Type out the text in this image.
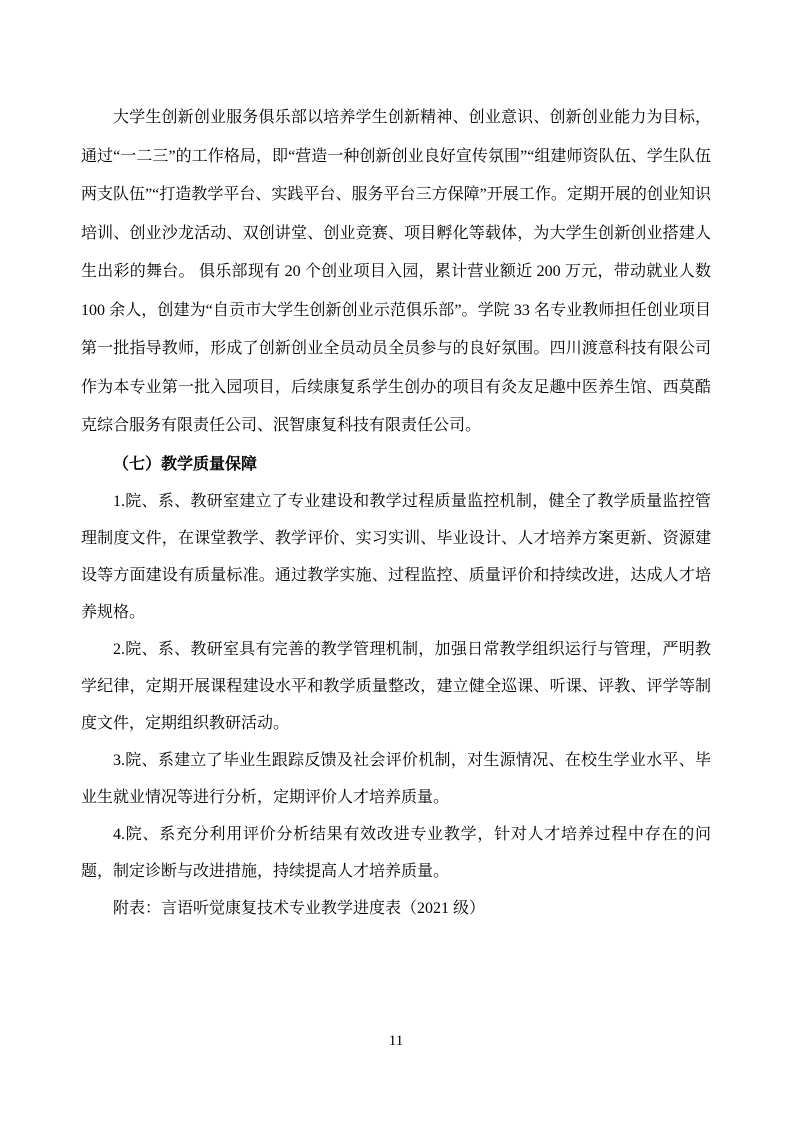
大学生创新创业服务俱乐部以培养学生创新精神、创业意识、创新创业能力为目标，通过“一二三”的工作格局，即“营造一种创新创业良好宣传氛围”“组建师资队伍、学生队伍两支队伍”“打造教学平台、实践平台、服务平台三方保障”开展工作。定期开展的创业知识培训、创业沙龙活动、双创讲堂、创业竞赛、项目孵化等载体，为大学生创新创业搭建人生出彩的舞台。 俱乐部现有 20 个创业项目入园，累计营业额近 200 万元，带动就业人数 100 余人，创建为“自贡市大学生创新创业示范俱乐部”。学院 33 名专业教师担任创业项目第一批指导教师，形成了创新创业全员动员全员参与的良好氛围。四川渡意科技有限公司作为本专业第一批入园项目，后续康复系学生创办的项目有灸友足趣中医养生馆、西莫酷克综合服务有限责任公司、泯智康复科技有限责任公司。

（七）教学质量保障

1.院、系、教研室建立了专业建设和教学过程质量监控机制，健全了教学质量监控管理制度文件，在课堂教学、教学评价、实习实训、毕业设计、人才培养方案更新、资源建设等方面建设有质量标准。通过教学实施、过程监控、质量评价和持续改进，达成人才培养规格。

2.院、系、教研室具有完善的教学管理机制，加强日常教学组织运行与管理，严明教学纪律，定期开展课程建设水平和教学质量整改，建立健全巡课、听课、评教、评学等制度文件，定期组织教研活动。

3.院、系建立了毕业生跟踪反馈及社会评价机制，对生源情况、在校生学业水平、毕业生就业情况等进行分析，定期评价人才培养质量。

4.院、系充分利用评价分析结果有效改进专业教学，针对人才培养过程中存在的问题，制定诊断与改进措施，持续提高人才培养质量。

附表：言语听觉康复技术专业教学进度表（2021 级）

11
